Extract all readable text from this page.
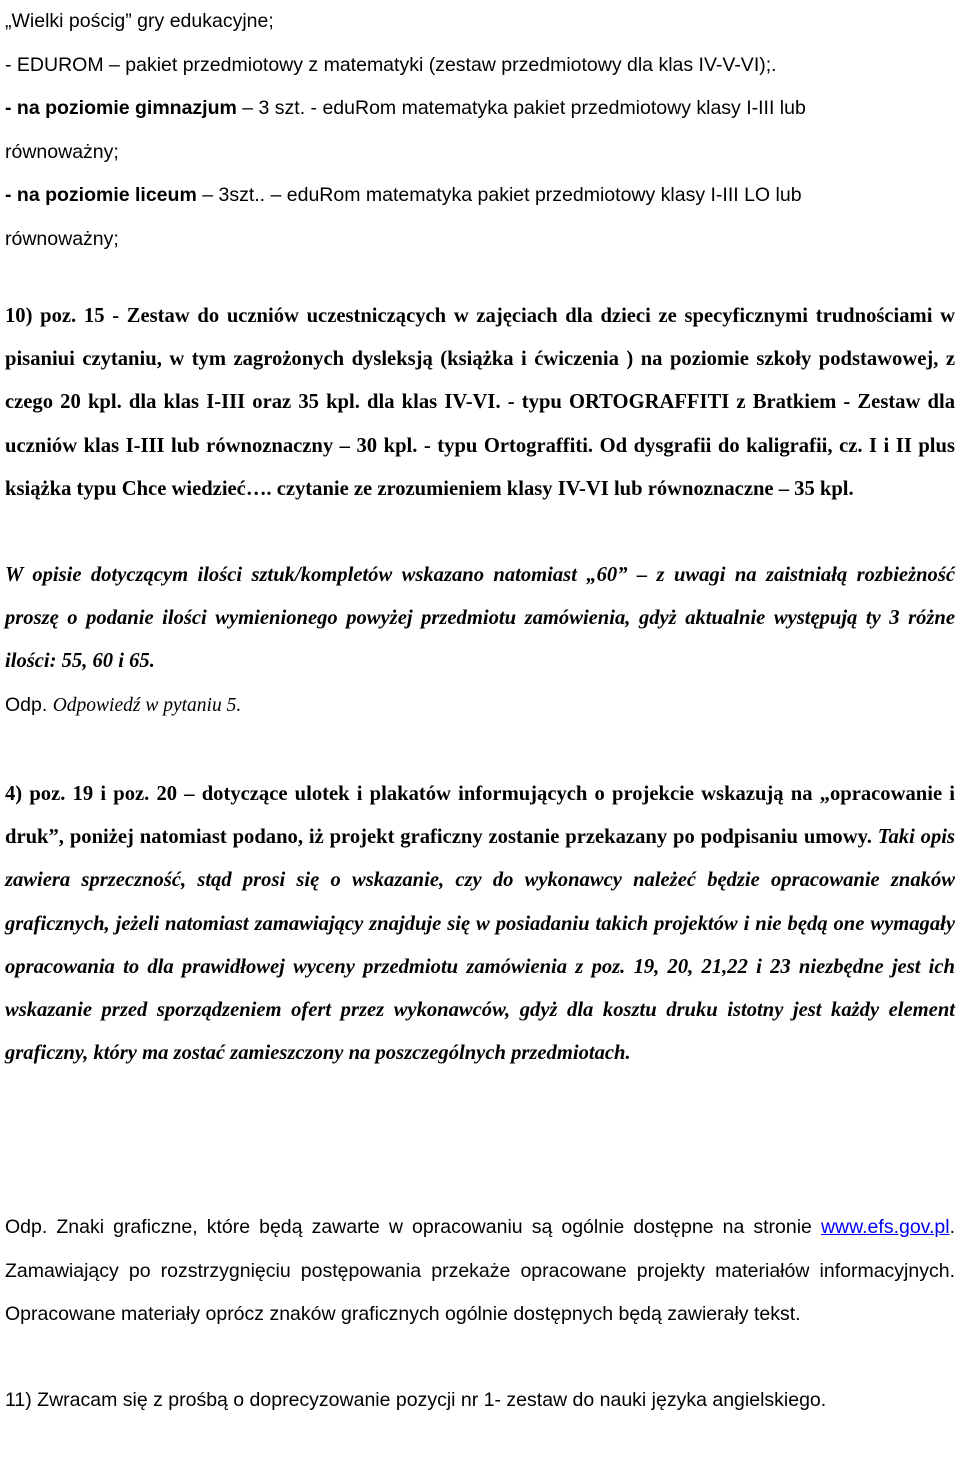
„Wielki pościg” gry edukacyjne;
- EDUROM – pakiet przedmiotowy z matematyki (zestaw przedmiotowy dla klas IV-V-VI);.
- na poziomie gimnazjum – 3 szt. - eduRom matematyka pakiet przedmiotowy klasy I-III lub
równoważny;
- na poziomie liceum – 3szt.. – eduRom matematyka pakiet przedmiotowy klasy I-III LO lub
równoważny;
10) poz. 15 - Zestaw do uczniów uczestniczących w zajęciach dla dzieci ze specyficznymi trudnościami w pisaniui czytaniu, w tym zagrożonych dysleksją (książka i ćwiczenia ) na poziomie szkoły podstawowej, z czego 20 kpl. dla klas I-III oraz 35 kpl. dla klas IV-VI. - typu ORTOGRAFFITI z Bratkiem - Zestaw dla uczniów klas I-III lub równoznaczny – 30 kpl. - typu Ortograffiti. Od dysgrafii do kaligrafii, cz. I i II plus książka typu Chce wiedzieć…. czytanie ze zrozumieniem klasy IV-VI lub równoznaczne – 35 kpl.
W opisie dotyczącym ilości sztuk/kompletów wskazano natomiast „60” – z uwagi na zaistniałą rozbieżność proszę o podanie ilości wymienionego powyżej przedmiotu zamówienia, gdyż aktualnie występują ty 3 różne ilości: 55, 60 i 65.
Odp. Odpowiedź w pytaniu 5.
4) poz. 19 i poz. 20 – dotyczące ulotek i plakatów informujących o projekcie wskazują na „opracowanie i druk”, poniżej natomiast podano, iż projekt graficzny zostanie przekazany po podpisaniu umowy. Taki opis zawiera sprzeczność, stąd prosi się o wskazanie, czy do wykonawcy należeć będzie opracowanie znaków graficznych, jeżeli natomiast zamawiający znajduje się w posiadaniu takich projektów i nie będą one wymagały opracowania to dla prawidłowej wyceny przedmiotu zamówienia z poz. 19, 20, 21,22 i 23 niezbędne jest ich wskazanie przed sporządzeniem ofert przez wykonawców, gdyż dla kosztu druku istotny jest każdy element graficzny, który ma zostać zamieszczony na poszczególnych przedmiotach.
Odp. Znaki graficzne, które będą zawarte w opracowaniu są ogólnie dostępne na stronie www.efs.gov.pl. Zamawiający po rozstrzygnięciu postępowania przekaże opracowane projekty materiałów informacyjnych. Opracowane materiały oprócz znaków graficznych ogólnie dostępnych będą zawierały tekst.
11) Zwracam się z prośbą o doprecyzowanie pozycji nr 1- zestaw do nauki języka angielskiego.
